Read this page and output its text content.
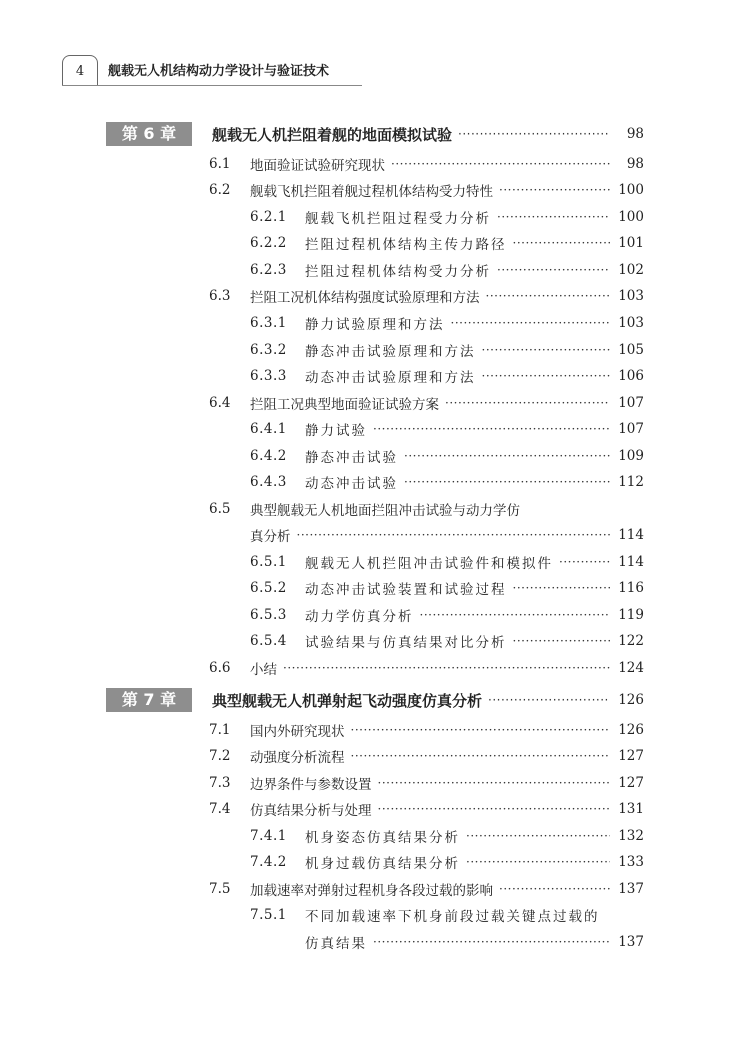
4	舰载无人机结构动力学设计与验证技术
第 6 章	舰载无人机拦阻着舰的地面模拟试验 ·····	98
6.1	地面验证试验研究现状 ·····	98
6.2	舰载飞机拦阻着舰过程机体结构受力特性 ·····	100
6.2.1	舰载飞机拦阻过程受力分析 ·····	100
6.2.2	拦阻过程机体结构主传力路径 ·····	101
6.2.3	拦阻过程机体结构受力分析 ·····	102
6.3	拦阻工况机体结构强度试验原理和方法 ·····	103
6.3.1	静力试验原理和方法 ·····	103
6.3.2	静态冲击试验原理和方法 ·····	105
6.3.3	动态冲击试验原理和方法 ·····	106
6.4	拦阻工况典型地面验证试验方案 ·····	107
6.4.1	静力试验 ·····	107
6.4.2	静态冲击试验 ·····	109
6.4.3	动态冲击试验 ·····	112
6.5	典型舰载无人机地面拦阻冲击试验与动力学仿
真分析 ·····	114
6.5.1	舰载无人机拦阻冲击试验件和模拟件 ·····	114
6.5.2	动态冲击试验装置和试验过程 ·····	116
6.5.3	动力学仿真分析 ·····	119
6.5.4	试验结果与仿真结果对比分析 ·····	122
6.6	小结 ·····	124
第 7 章	典型舰载无人机弹射起飞动强度仿真分析 ·····	126
7.1	国内外研究现状 ·····	126
7.2	动强度分析流程 ·····	127
7.3	边界条件与参数设置 ·····	127
7.4	仿真结果分析与处理 ·····	131
7.4.1	机身姿态仿真结果分析 ·····	132
7.4.2	机身过载仿真结果分析 ·····	133
7.5	加载速率对弹射过程机身各段过载的影响 ·····	137
7.5.1	不同加载速率下机身前段过载关键点过载的
仿真结果 ·····	137
